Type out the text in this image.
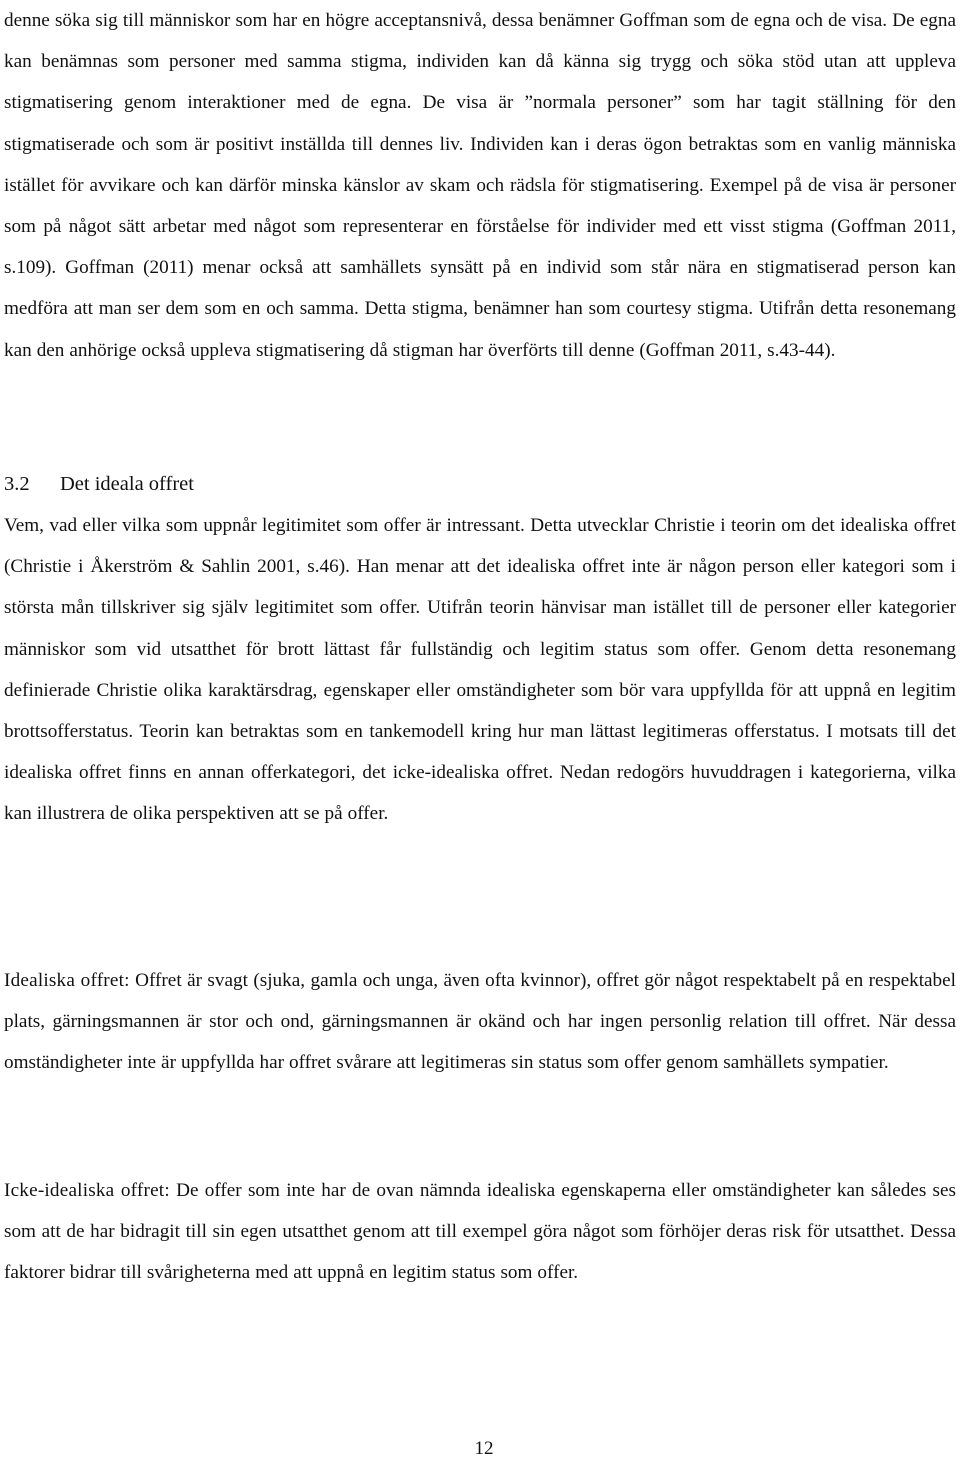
denne söka sig till människor som har en högre acceptansnivå, dessa benämner Goffman som de egna och de visa. De egna kan benämnas som personer med samma stigma, individen kan då känna sig trygg och söka stöd utan att uppleva stigmatisering genom interaktioner med de egna. De visa är ”normala personer” som har tagit ställning för den stigmatiserade och som är positivt inställda till dennes liv. Individen kan i deras ögon betraktas som en vanlig människa istället för avvikare och kan därför minska känslor av skam och rädsla för stigmatisering. Exempel på de visa är personer som på något sätt arbetar med något som representerar en förståelse för individer med ett visst stigma (Goffman 2011, s.109). Goffman (2011) menar också att samhällets synsätt på en individ som står nära en stigmatiserad person kan medföra att man ser dem som en och samma. Detta stigma, benämner han som courtesy stigma. Utifrån detta resonemang kan den anhörige också uppleva stigmatisering då stigman har överförts till denne (Goffman 2011, s.43-44).

3.2 Det ideala offret

Vem, vad eller vilka som uppnår legitimitet som offer är intressant. Detta utvecklar Christie i teorin om det idealiska offret (Christie i Åkerström & Sahlin 2001, s.46). Han menar att det idealiska offret inte är någon person eller kategori som i största mån tillskriver sig själv legitimitet som offer. Utifrån teorin hänvisar man istället till de personer eller kategorier människor som vid utsatthet för brott lättast får fullständig och legitim status som offer. Genom detta resonemang definierade Christie olika karaktärsdrag, egenskaper eller omständigheter som bör vara uppfyllda för att uppnå en legitim brottsofferstatus. Teorin kan betraktas som en tankemodell kring hur man lättast legitimeras offerstatus. I motsats till det idealiska offret finns en annan offerkategori, det icke-idealiska offret. Nedan redogörs huvuddragen i kategorierna, vilka kan illustrera de olika perspektiven att se på offer.

Idealiska offret: Offret är svagt (sjuka, gamla och unga, även ofta kvinnor), offret gör något respektabelt på en respektabel plats, gärningsmannen är stor och ond, gärningsmannen är okänd och har ingen personlig relation till offret. När dessa omständigheter inte är uppfyllda har offret svårare att legitimeras sin status som offer genom samhällets sympatier.

Icke-idealiska offret: De offer som inte har de ovan nämnda idealiska egenskaperna eller omständigheter kan således ses som att de har bidragit till sin egen utsatthet genom att till exempel göra något som förhöjer deras risk för utsatthet. Dessa faktorer bidrar till svårigheterna med att uppnå en legitim status som offer.

12
